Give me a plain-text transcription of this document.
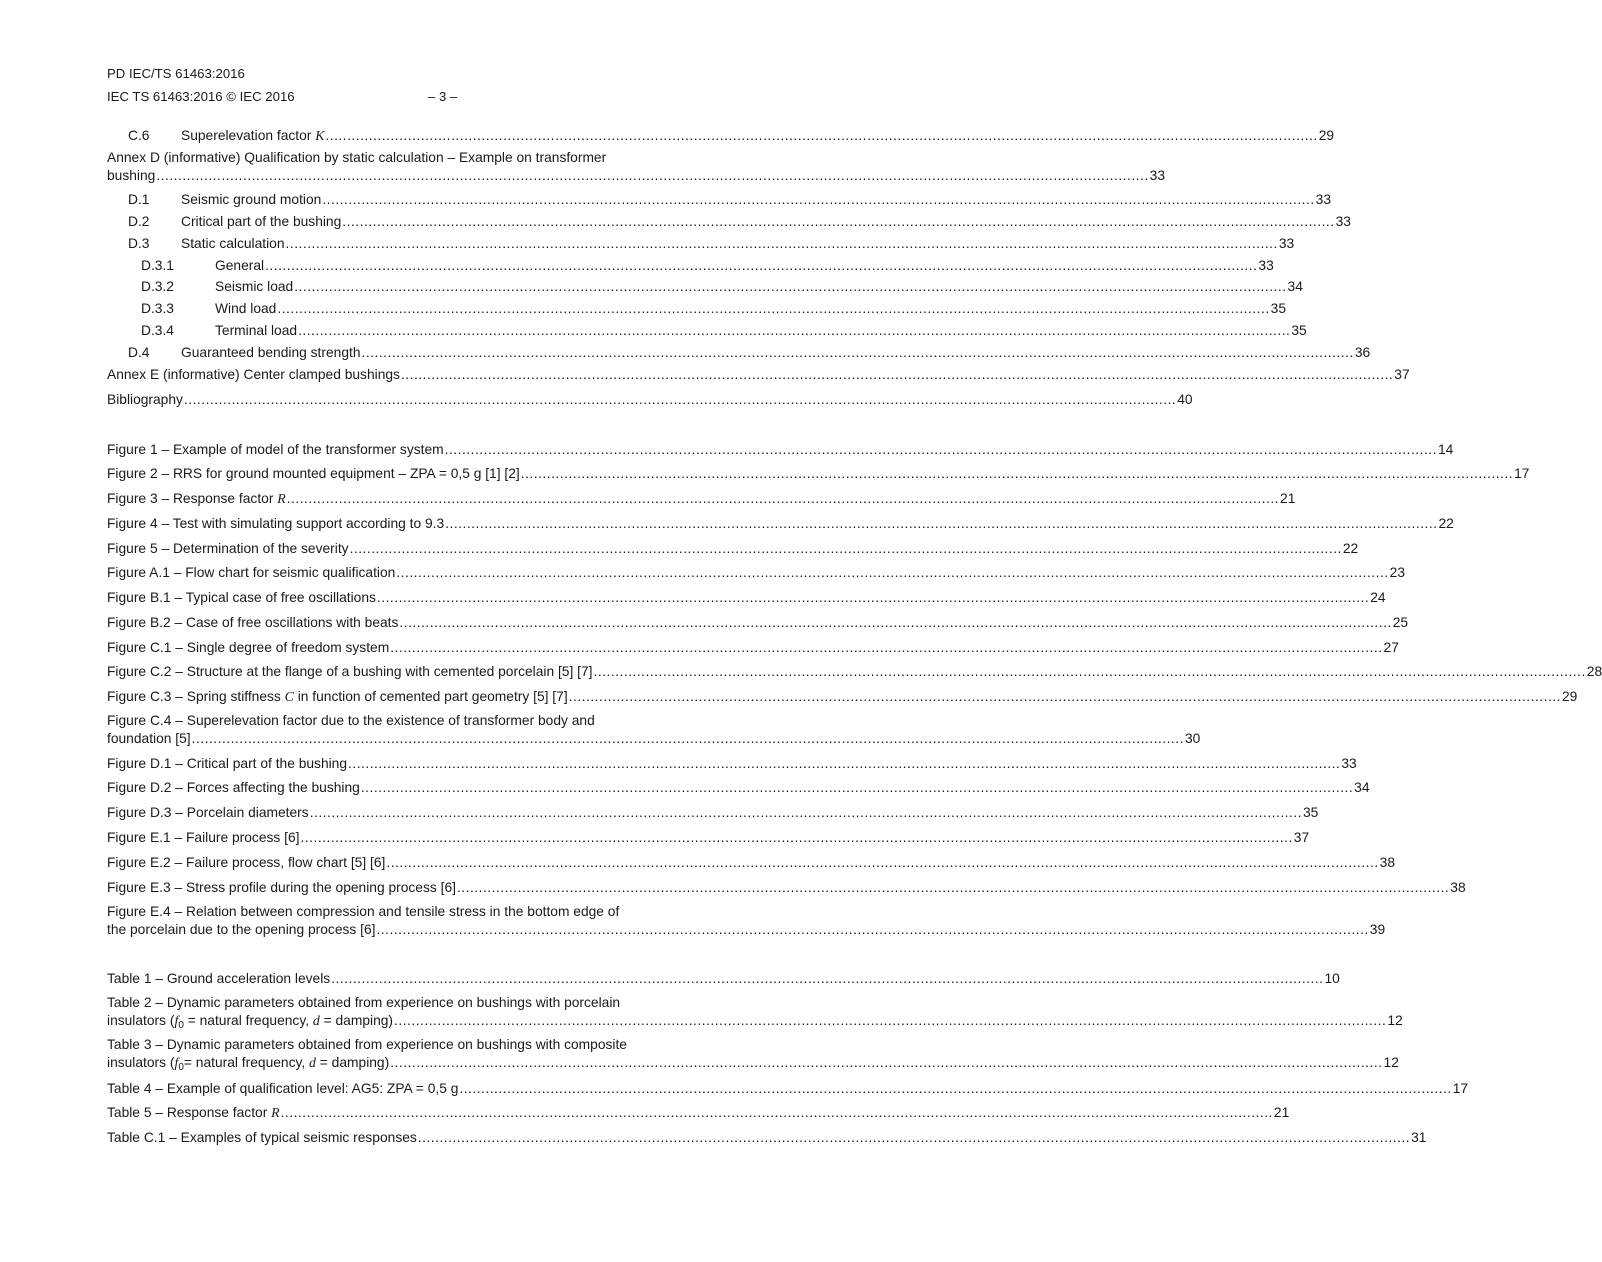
PD IEC/TS 61463:2016
IEC TS 61463:2016 © IEC 2016	– 3 –
C.6 Superelevation factor K ..................................................................................................................................................................................................................................... 29
Annex D (informative) Qualification by static calculation – Example on transformer
bushing ..................................................................................................................................................................................................................................... 33
D.1 Seismic ground motion ..................................................................................................................................................................................................................................... 33
D.2 Critical part of the bushing ..................................................................................................................................................................................................................................... 33
D.3 Static calculation ..................................................................................................................................................................................................................................... 33
D.3.1	General ..................................................................................................................................................................................................................................... 33
D.3.2	Seismic load ..................................................................................................................................................................................................................................... 34
D.3.3	Wind load ..................................................................................................................................................................................................................................... 35
D.3.4	Terminal load ..................................................................................................................................................................................................................................... 35
D.4 Guaranteed bending strength ..................................................................................................................................................................................................................................... 36
Annex E (informative) Center clamped bushings ..................................................................................................................................................................................................................................... 37
Bibliography ..................................................................................................................................................................................................................................... 40
Figure 1 – Example of model of the transformer system ..................................................................................................................................................................................................................................... 14
Figure 2 – RRS for ground mounted equipment – ZPA = 0,5 g [1] [2] ..................................................................................................................................................................................................................................... 17
Figure 3 – Response factor R ..................................................................................................................................................................................................................................... 21
Figure 4 – Test with simulating support according to 9.3 ..................................................................................................................................................................................................................................... 22
Figure 5 – Determination of the severity ..................................................................................................................................................................................................................................... 22
Figure A.1 – Flow chart for seismic qualification ..................................................................................................................................................................................................................................... 23
Figure B.1 – Typical case of free oscillations ..................................................................................................................................................................................................................................... 24
Figure B.2 – Case of free oscillations with beats ..................................................................................................................................................................................................................................... 25
Figure C.1 – Single degree of freedom system ..................................................................................................................................................................................................................................... 27
Figure C.2 – Structure at the flange of a bushing with cemented porcelain [5] [7] ..................................................................................................................................................................................................................................... 28
Figure C.3 – Spring stiffness C in function of cemented part geometry [5] [7] ..................................................................................................................................................................................................................................... 29
Figure C.4 – Superelevation factor due to the existence of transformer body and
foundation [5] ..................................................................................................................................................................................................................................... 30
Figure D.1 – Critical part of the bushing ..................................................................................................................................................................................................................................... 33
Figure D.2 – Forces affecting the bushing ..................................................................................................................................................................................................................................... 34
Figure D.3 – Porcelain diameters ..................................................................................................................................................................................................................................... 35
Figure E.1 – Failure process [6] ..................................................................................................................................................................................................................................... 37
Figure E.2 – Failure process, flow chart [5] [6] ..................................................................................................................................................................................................................................... 38
Figure E.3 – Stress profile during the opening process [6] ..................................................................................................................................................................................................................................... 38
Figure E.4 – Relation between compression and tensile stress in the bottom edge of
the porcelain due to the opening process [6] ..................................................................................................................................................................................................................................... 39
Table 1 – Ground acceleration levels ..................................................................................................................................................................................................................................... 10
Table 2 – Dynamic parameters obtained from experience on bushings with porcelain
insulators ($f_0$ = natural frequency, d = damping) ..................................................................................................................................................................................................................................... 12
Table 3 – Dynamic parameters obtained from experience on bushings with composite
insulators ($f_0=$ natural frequency, d = damping) ..................................................................................................................................................................................................................................... 12
Table 4 – Example of qualification level: AG5: ZPA = 0,5 g ..................................................................................................................................................................................................................................... 17
Table 5 – Response factor R ..................................................................................................................................................................................................................................... 21
Table C.1 – Examples of typical seismic responses ..................................................................................................................................................................................................................................... 31
